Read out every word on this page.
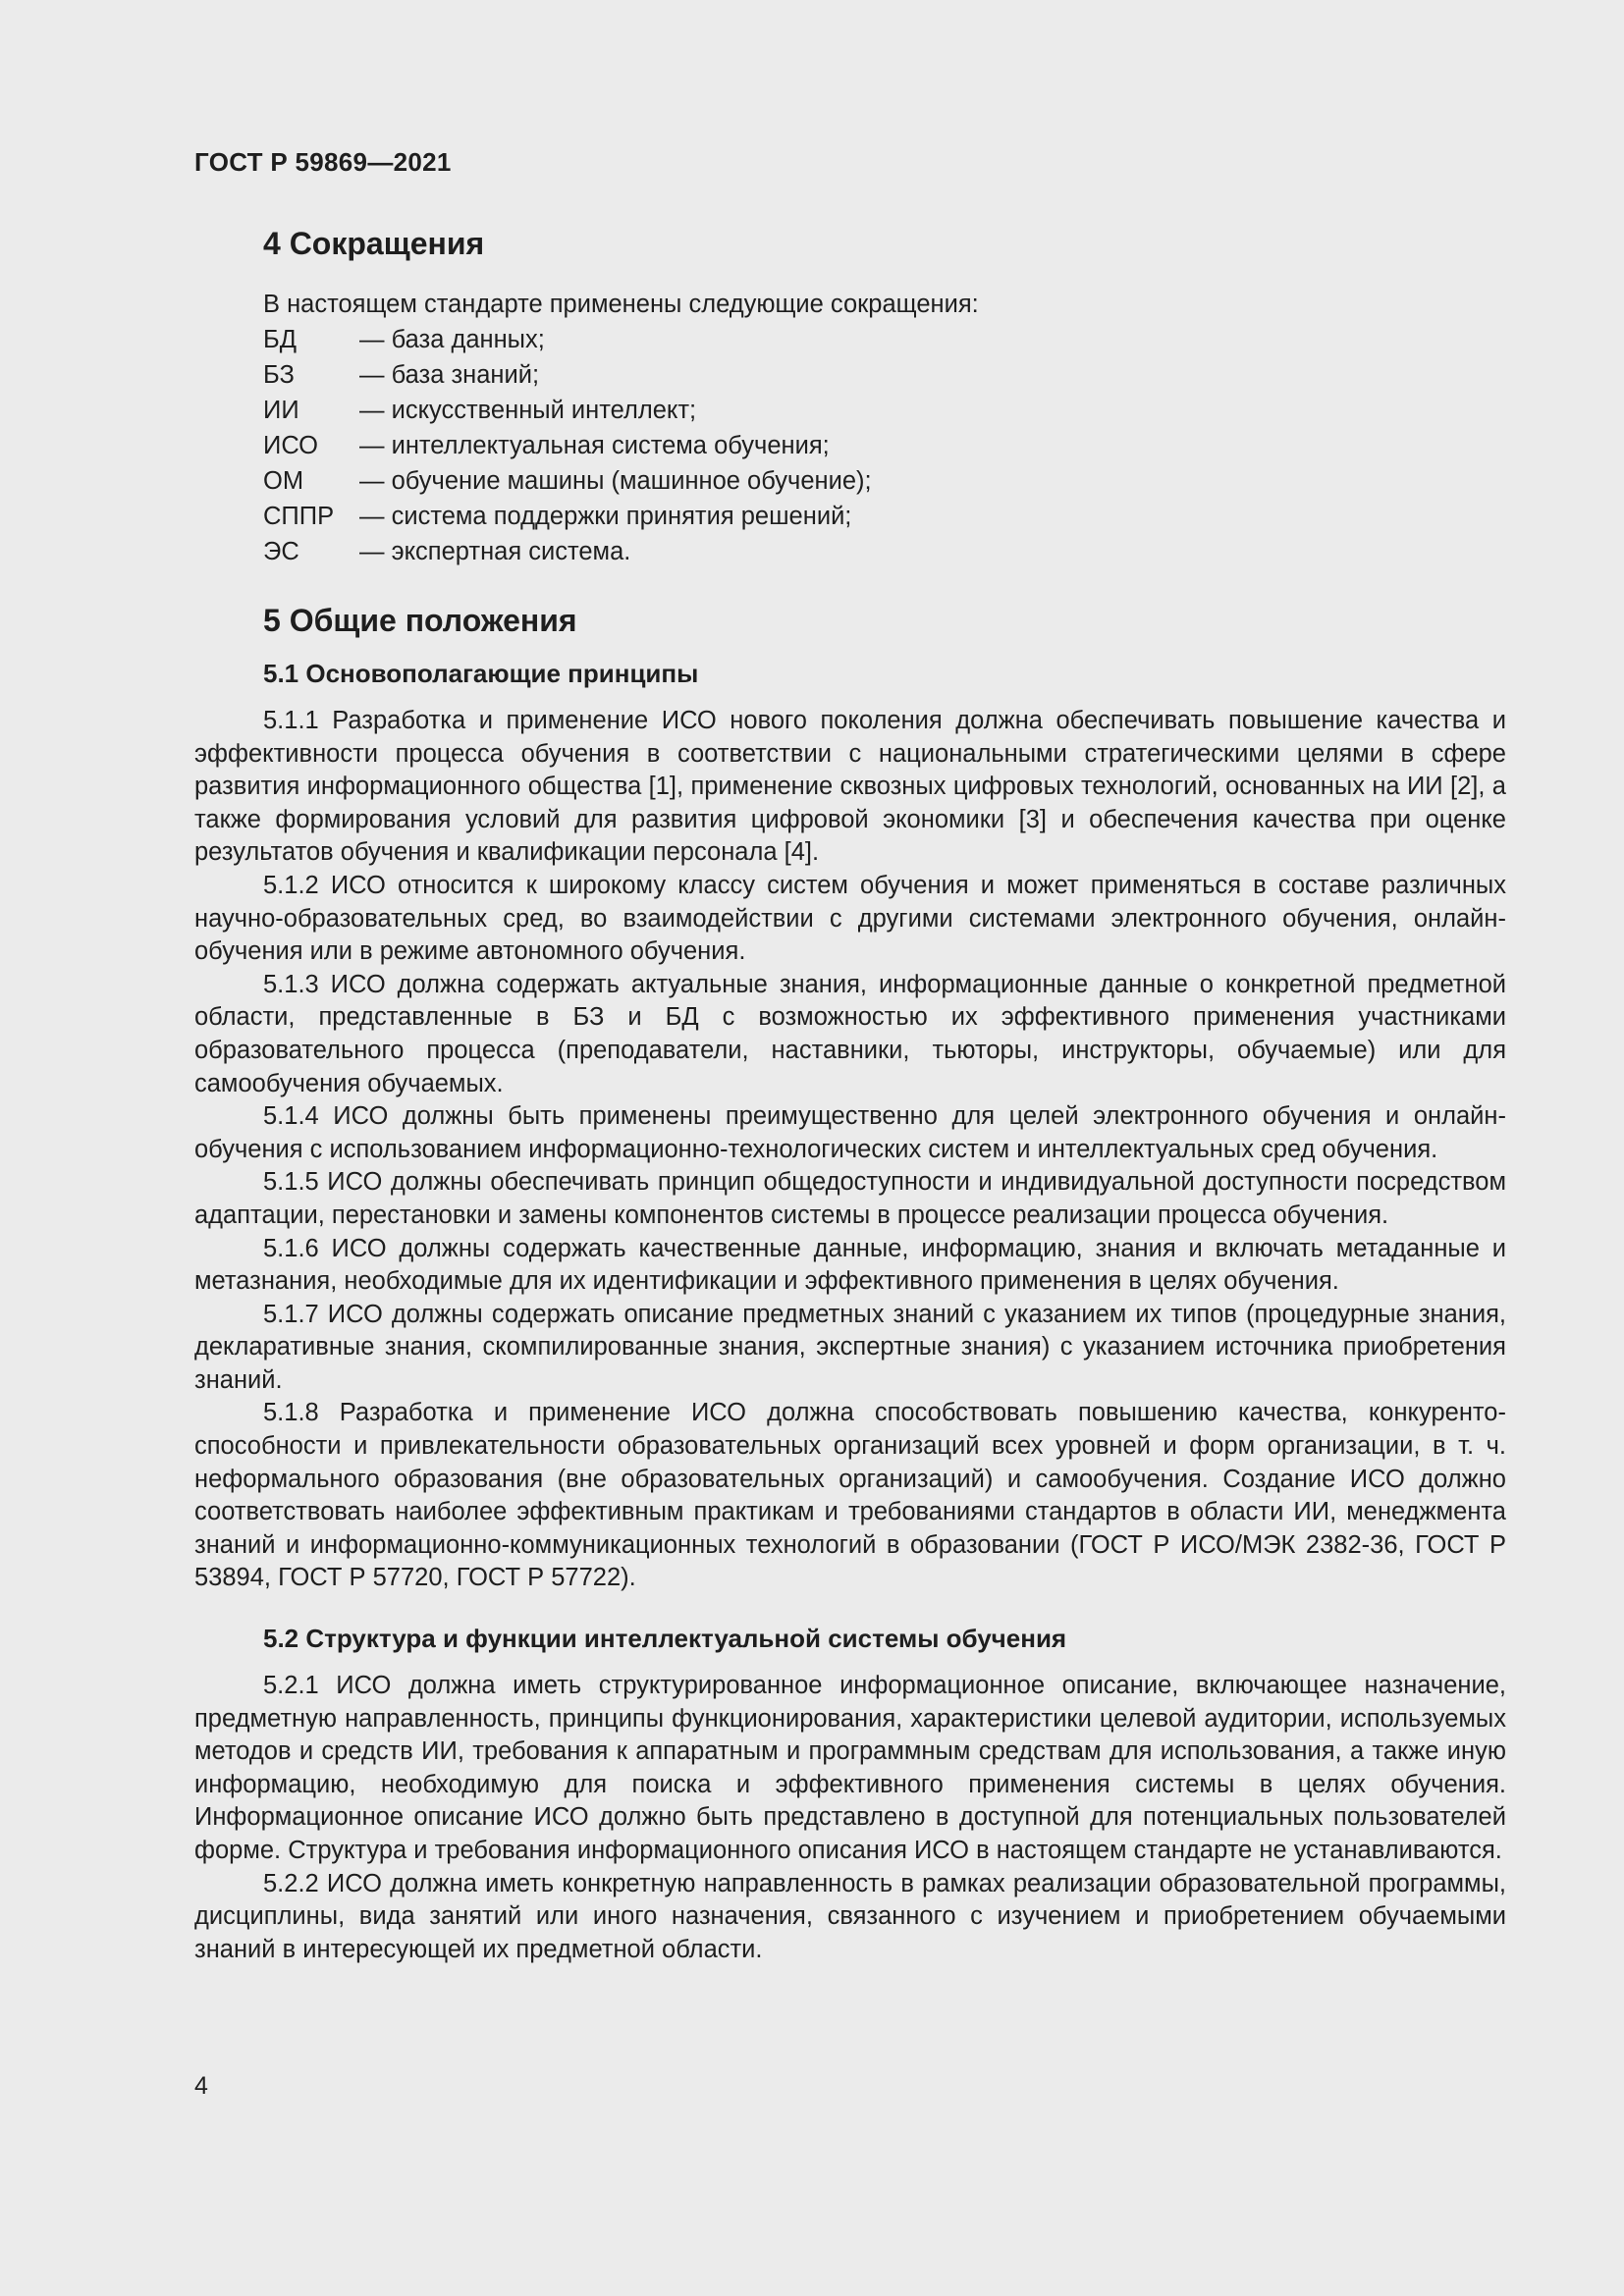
ГОСТ Р 59869—2021
4 Сокращения

В настоящем стандарте применены следующие сокращения:

БД	— база данных;
БЗ	— база знаний;
ИИ	— искусственный интеллект;
ИСО	— интеллектуальная система обучения;
ОМ	— обучение машины (машинное обучение);
СППР	— система поддержки принятия решений;
ЭС	— экспертная система.
5 Общие положения
5.1 Основополагающие принципы

5.1.1 Разработка и применение ИСО нового поколения должна обеспечивать повышение качества и эффективности процесса обучения в соответствии с национальными стратегическими целями в сфере развития информационного общества [1], применение сквозных цифровых технологий, основанных на ИИ [2], а также формирования условий для развития цифровой экономики [3] и обеспечения качества при оценке результатов обучения и квалификации персонала [4].

5.1.2 ИСО относится к широкому классу систем обучения и может применяться в составе различных научно-образовательных сред, во взаимодействии с другими системами электронного обучения, онлайн-обучения или в режиме автономного обучения.

5.1.3 ИСО должна содержать актуальные знания, информационные данные о конкретной предметной области, представленные в БЗ и БД с возможностью их эффективного применения участниками образовательного процесса (преподаватели, наставники, тьюторы, инструкторы, обучаемые) или для самообучения обучаемых.

5.1.4 ИСО должны быть применены преимущественно для целей электронного обучения и онлайн-обучения с использованием информационно-технологических систем и интеллектуальных сред обучения.

5.1.5 ИСО должны обеспечивать принцип общедоступности и индивидуальной доступности посредством адаптации, перестановки и замены компонентов системы в процессе реализации процесса обучения.

5.1.6 ИСО должны содержать качественные данные, информацию, знания и включать метаданные и метазнания, необходимые для их идентификации и эффективного применения в целях обучения.

5.1.7 ИСО должны содержать описание предметных знаний с указанием их типов (процедурные знания, декларативные знания, скомпилированные знания, экспертные знания) с указанием источника приобретения знаний.

5.1.8 Разработка и применение ИСО должна способствовать повышению качества, конкурентоспособности и привлекательности образовательных организаций всех уровней и форм организации, в т. ч. неформального образования (вне образовательных организаций) и самообучения. Создание ИСО должно соответствовать наиболее эффективным практикам и требованиями стандартов в области ИИ, менеджмента знаний и информационно-коммуникационных технологий в образовании (ГОСТ Р ИСО/МЭК 2382-36, ГОСТ Р 53894, ГОСТ Р 57720, ГОСТ Р 57722).

5.2 Структура и функции интеллектуальной системы обучения

5.2.1 ИСО должна иметь структурированное информационное описание, включающее назначение, предметную направленность, принципы функционирования, характеристики целевой аудитории, используемых методов и средств ИИ, требования к аппаратным и программным средствам для использования, а также иную информацию, необходимую для поиска и эффективного применения системы в целях обучения. Информационное описание ИСО должно быть представлено в доступной для потенциальных пользователей форме. Структура и требования информационного описания ИСО в настоящем стандарте не устанавливаются.

5.2.2 ИСО должна иметь конкретную направленность в рамках реализации образовательной программы, дисциплины, вида занятий или иного назначения, связанного с изучением и приобретением обучаемыми знаний в интересующей их предметной области.

4
